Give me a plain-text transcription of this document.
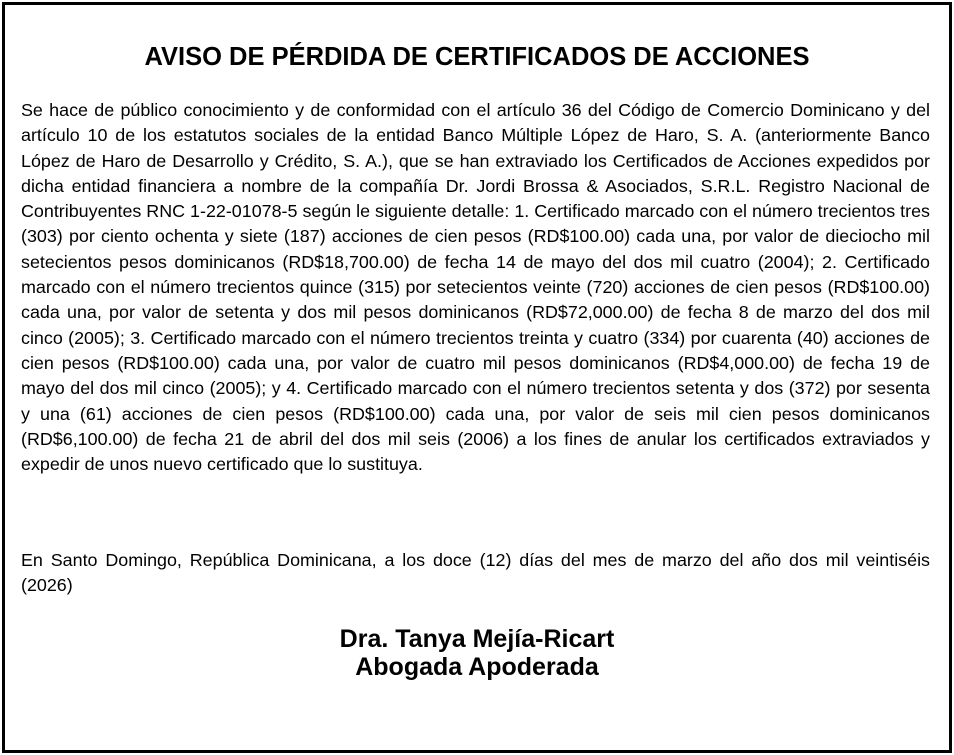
AVISO DE PÉRDIDA DE CERTIFICADOS DE ACCIONES

Se hace de público conocimiento y de conformidad con el artículo 36 del Código de Comercio Dominicano y del artículo 10 de los estatutos sociales de la entidad Banco Múltiple López de Haro, S. A. (anteriormente Banco López de Haro de Desarrollo y Crédito, S. A.), que se han extraviado los Certificados de Acciones expedidos por dicha entidad financiera a nombre de la compañía Dr. Jordi Brossa & Asociados, S.R.L. Registro Nacional de Contribuyentes RNC 1-22-01078-5 según le siguiente detalle: 1. Certificado marcado con el número trecientos tres (303) por ciento ochenta y siete (187) acciones de cien pesos (RD$100.00) cada una, por valor de dieciocho mil setecientos pesos dominicanos (RD$18,700.00) de fecha 14 de mayo del dos mil cuatro (2004); 2. Certificado marcado con el número trecientos quince (315) por setecientos veinte (720) acciones de cien pesos (RD$100.00) cada una, por valor de setenta y dos mil pesos dominicanos (RD$72,000.00) de fecha 8 de marzo del dos mil cinco (2005); 3. Certificado marcado con el número trecientos treinta y cuatro (334) por cuarenta (40) acciones de cien pesos (RD$100.00) cada una, por valor de cuatro mil pesos dominicanos (RD$4,000.00) de fecha 19 de mayo del dos mil cinco (2005); y 4. Certificado marcado con el número trecientos setenta y dos (372) por sesenta y una (61) acciones de cien pesos (RD$100.00) cada una, por valor de seis mil cien pesos dominicanos (RD$6,100.00) de fecha 21 de abril del dos mil seis (2006) a los fines de anular los certificados extraviados y expedir de unos nuevo certificado que lo sustituya.

En Santo Domingo, República Dominicana, a los doce (12) días del mes de marzo del año dos mil veintiséis (2026)

Dra. Tanya Mejía-Ricart
Abogada Apoderada
